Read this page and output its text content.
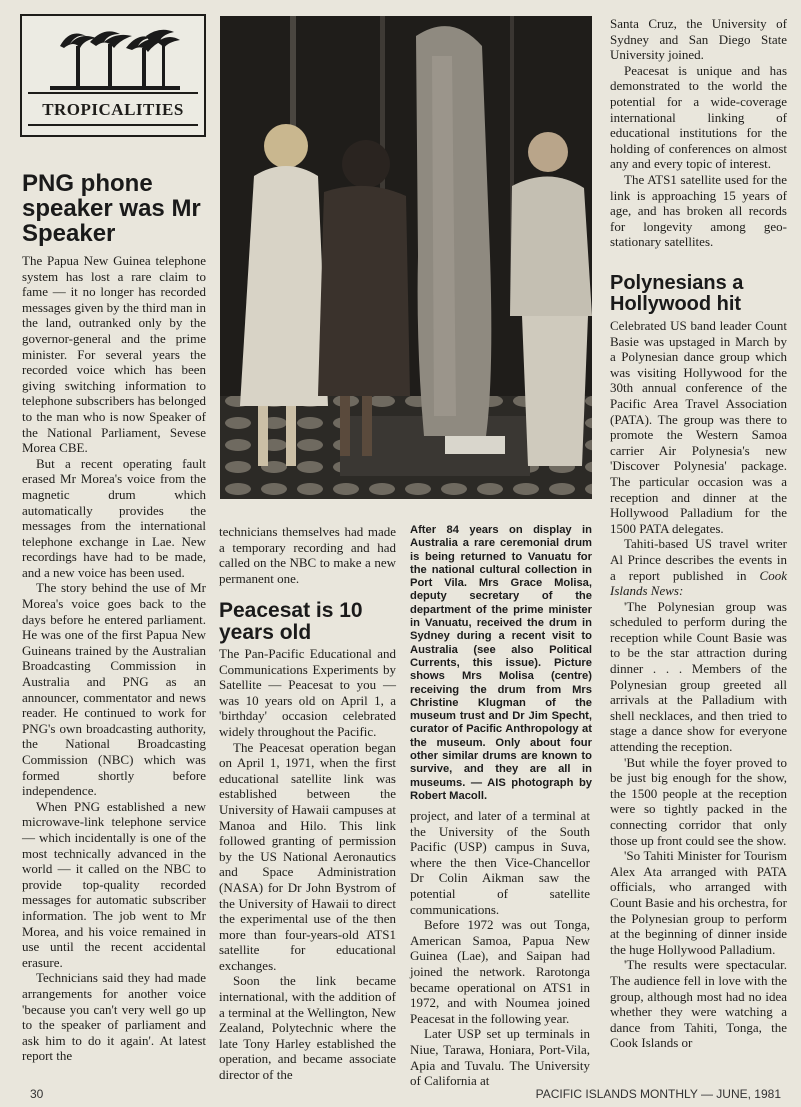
TROPICALITIES
PNG phone speaker was Mr Speaker

The Papua New Guinea telephone system has lost a rare claim to fame — it no longer has recorded messages given by the third man in the land, outranked only by the governor-general and the prime minister. For several years the recorded voice which has been giving switching information to telephone subscribers has belonged to the man who is now Speaker of the National Parliament, Sevese Morea CBE.

But a recent operating fault erased Mr Morea's voice from the magnetic drum which automatically provides the messages from the international telephone exchange in Lae. New recordings have had to be made, and a new voice has been used.

The story behind the use of Mr Morea's voice goes back to the days before he entered parliament. He was one of the first Papua New Guineans trained by the Australian Broadcasting Commission in Australia and PNG as an announcer, commentator and news reader. He continued to work for PNG's own broadcasting authority, the National Broadcasting Commission (NBC) which was formed shortly before independence.

When PNG established a new microwave-link telephone service — which incidentally is one of the most technically advanced in the world — it called on the NBC to provide top-quality recorded messages for automatic subscriber information. The job went to Mr Morea, and his voice remained in use until the recent accidental erasure.

Technicians said they had made arrangements for another voice 'because you can't very well go up to the speaker of parliament and ask him to do it again'. At latest report the

technicians themselves had made a temporary recording and had called on the NBC to make a new permanent one.

Peacesat is 10 years old

The Pan-Pacific Educational and Communications Experiments by Satellite — Peacesat to you — was 10 years old on April 1, a 'birthday' occasion celebrated widely throughout the Pacific.

The Peacesat operation began on April 1, 1971, when the first educational satellite link was established between the University of Hawaii campuses at Manoa and Hilo. This link followed granting of permission by the US National Aeronautics and Space Administration (NASA) for Dr John Bystrom of the University of Hawaii to direct the experimental use of the then more than four-years-old ATS1 satellite for educational exchanges.

Soon the link became international, with the addition of a terminal at the Wellington, New Zealand, Polytechnic where the late Tony Harley established the operation, and became associate director of the

After 84 years on display in Australia a rare ceremonial drum is being returned to Vanuatu for the national cultural collection in Port Vila. Mrs Grace Molisa, deputy secretary of the department of the prime minister in Vanuatu, received the drum in Sydney during a recent visit to Australia (see also Political Currents, this issue). Picture shows Mrs Molisa (centre) receiving the drum from Mrs Christine Klugman of the museum trust and Dr Jim Specht, curator of Pacific Anthropology at the museum. Only about four other similar drums are known to survive, and they are all in museums. — AIS photograph by Robert Macoll.

project, and later of a terminal at the University of the South Pacific (USP) campus in Suva, where the then Vice-Chancellor Dr Colin Aikman saw the potential of satellite communications.

Before 1972 was out Tonga, American Samoa, Papua New Guinea (Lae), and Saipan had joined the network. Rarotonga became operational on ATS1 in 1972, and with Noumea joined Peacesat in the following year.

Later USP set up terminals in Niue, Tarawa, Honiara, Port-Vila, Apia and Tuvalu. The University of California at

Santa Cruz, the University of Sydney and San Diego State University joined.

Peacesat is unique and has demonstrated to the world the potential for a wide-coverage international linking of educational institutions for the holding of conferences on almost any and every topic of interest.

The ATS1 satellite used for the link is approaching 15 years of age, and has broken all records for longevity among geo-stationary satellites.

Polynesians a Hollywood hit

Celebrated US band leader Count Basie was upstaged in March by a Polynesian dance group which was visiting Hollywood for the 30th annual conference of the Pacific Area Travel Association (PATA). The group was there to promote the Western Samoa carrier Air Polynesia's new 'Discover Polynesia' package. The particular occasion was a reception and dinner at the Hollywood Palladium for the 1500 PATA delegates.

Tahiti-based US travel writer Al Prince describes the events in a report published in Cook Islands News:

'The Polynesian group was scheduled to perform during the reception while Count Basie was to be the star attraction during dinner . . . Members of the Polynesian group greeted all arrivals at the Palladium with shell necklaces, and then tried to stage a dance show for everyone attending the reception.

'But while the foyer proved to be just big enough for the show, the 1500 people at the reception were so tightly packed in the connecting corridor that only those up front could see the show.

'So Tahiti Minister for Tourism Alex Ata arranged with PATA officials, who arranged with Count Basie and his orchestra, for the Polynesian group to perform at the beginning of dinner inside the huge Hollywood Palladium.

'The results were spectacular. The audience fell in love with the group, although most had no idea whether they were watching a dance from Tahiti, Tonga, the Cook Islands or

30	PACIFIC ISLANDS MONTHLY — JUNE, 1981
